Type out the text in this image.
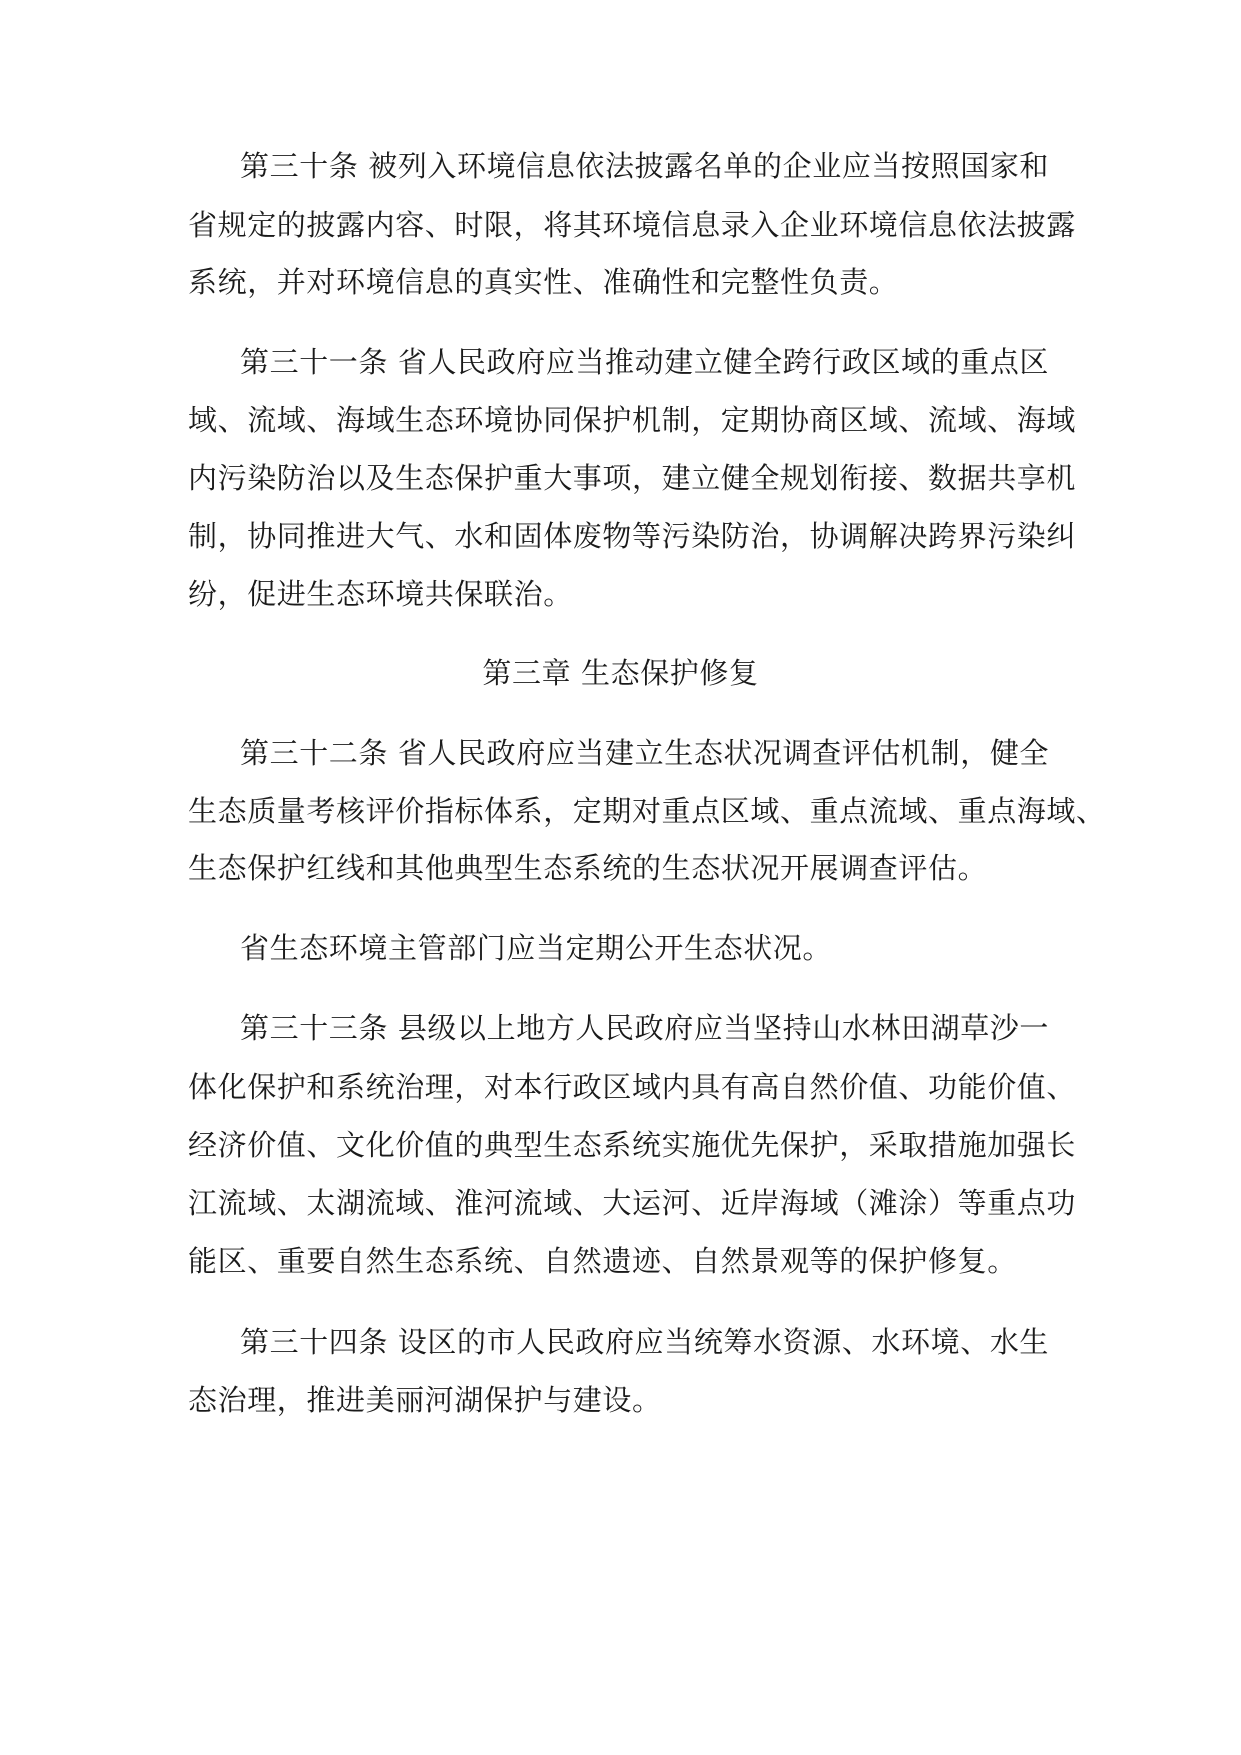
第三十条 被列入环境信息依法披露名单的企业应当按照国家和
省规定的披露内容、时限，将其环境信息录入企业环境信息依法披露
系统，并对环境信息的真实性、准确性和完整性负责。
第三十一条 省人民政府应当推动建立健全跨行政区域的重点区
域、流域、海域生态环境协同保护机制，定期协商区域、流域、海域
内污染防治以及生态保护重大事项，建立健全规划衔接、数据共享机
制，协同推进大气、水和固体废物等污染防治，协调解决跨界污染纠
纷，促进生态环境共保联治。
第三章 生态保护修复
第三十二条 省人民政府应当建立生态状况调查评估机制，健全
生态质量考核评价指标体系，定期对重点区域、重点流域、重点海域、
生态保护红线和其他典型生态系统的生态状况开展调查评估。
省生态环境主管部门应当定期公开生态状况。
第三十三条 县级以上地方人民政府应当坚持山水林田湖草沙一
体化保护和系统治理，对本行政区域内具有高自然价值、功能价值、
经济价值、文化价值的典型生态系统实施优先保护，采取措施加强长
江流域、太湖流域、淮河流域、大运河、近岸海域（滩涂）等重点功
能区、重要自然生态系统、自然遗迹、自然景观等的保护修复。
第三十四条 设区的市人民政府应当统筹水资源、水环境、水生
态治理，推进美丽河湖保护与建设。
